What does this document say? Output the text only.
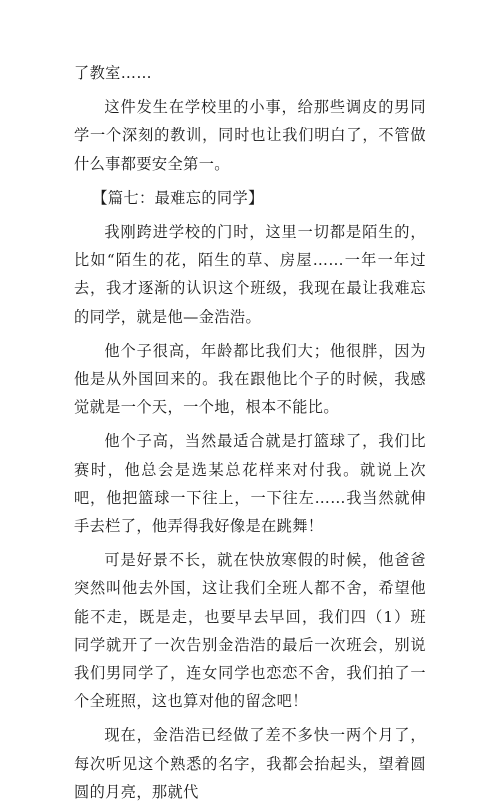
了教室……

这件发生在学校里的小事，给那些调皮的男同学一个深刻的教训，同时也让我们明白了，不管做什么事都要安全第一。

【篇七：最难忘的同学】

我刚跨进学校的门时，这里一切都是陌生的，比如“陌生的花，陌生的草、房屋……一年一年过去，我才逐渐的认识这个班级，我现在最让我难忘的同学，就是他—金浩浩。

他个子很高，年龄都比我们大；他很胖，因为他是从外国回来的。我在跟他比个子的时候，我感觉就是一个天，一个地，根本不能比。

他个子高，当然最适合就是打篮球了，我们比赛时，他总会是选某总花样来对付我。就说上次吧，他把篮球一下往上，一下往左……我当然就伸手去栏了，他弄得我好像是在跳舞！

可是好景不长，就在快放寒假的时候，他爸爸突然叫他去外国，这让我们全班人都不舍，希望他能不走，既是走，也要早去早回，我们四（1）班同学就开了一次告别金浩浩的最后一次班会，别说我们男同学了，连女同学也恋恋不舍，我们拍了一个全班照，这也算对他的留念吧！

现在，金浩浩已经做了差不多快一两个月了，每次听见这个熟悉的名字，我都会抬起头，望着圆圆的月亮，那就代
